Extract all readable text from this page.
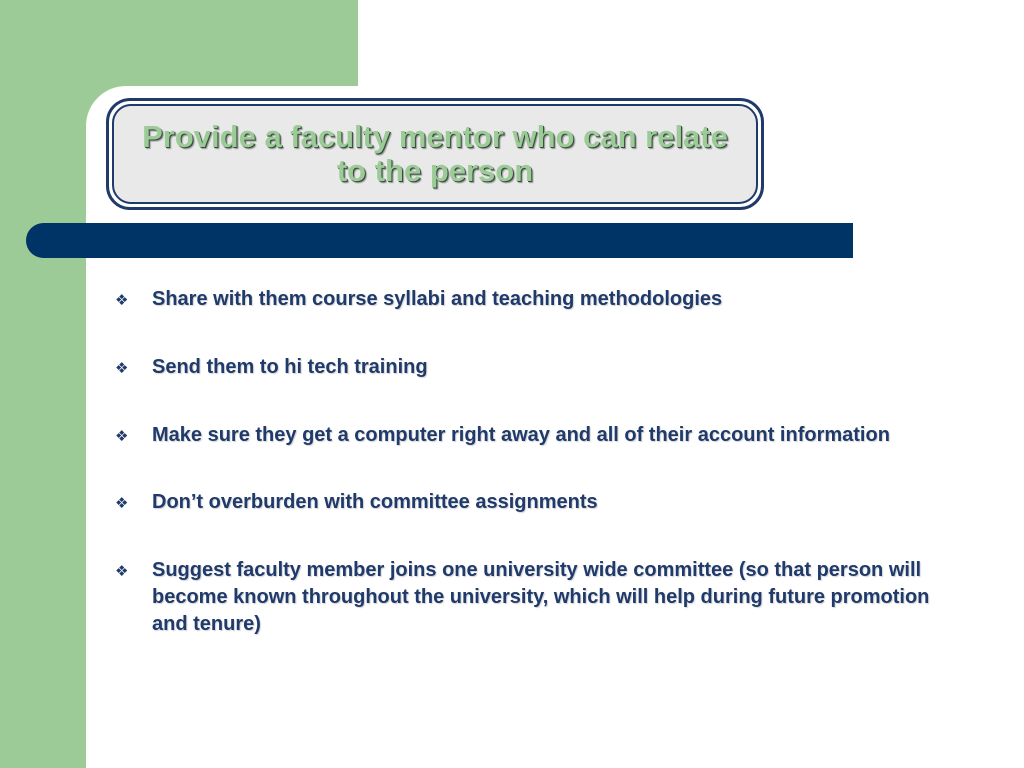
Provide a faculty mentor who can relate to the person
❖ Share with them course syllabi and teaching methodologies
❖ Send them to hi tech training
❖ Make sure they get a computer right away and all of their account information
❖ Don’t overburden with committee assignments
❖ Suggest faculty member joins one university wide committee (so that person will become known throughout the university, which will help during future promotion and tenure)
